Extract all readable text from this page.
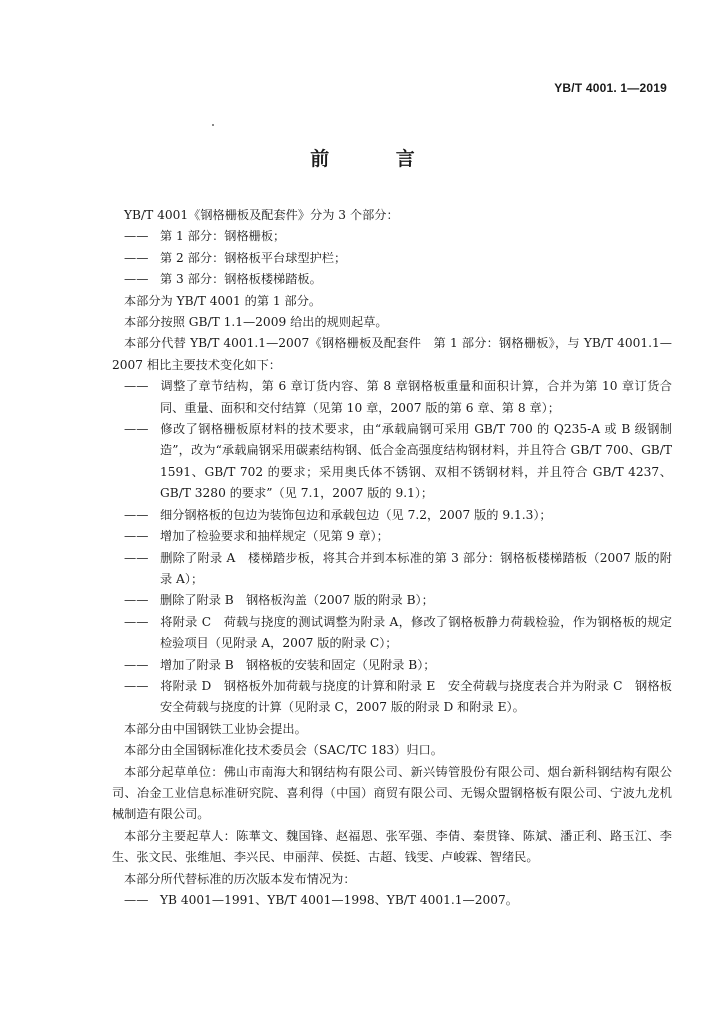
YB/T 4001. 1—2019
前 言

YB/T 4001《钢格栅板及配套件》分为 3 个部分：

—— 第 1 部分：钢格栅板；

—— 第 2 部分：钢格板平台球型护栏；

—— 第 3 部分：钢格板楼梯踏板。

本部分为 YB/T 4001 的第 1 部分。

本部分按照 GB/T 1.1—2009 给出的规则起草。

本部分代替 YB/T 4001.1—2007《钢格栅板及配套件　第 1 部分：钢格栅板》，与 YB/T 4001.1—2007 相比主要技术变化如下：

—— 调整了章节结构，第 6 章订货内容、第 8 章钢格板重量和面积计算，合并为第 10 章订货合同、重量、面积和交付结算（见第 10 章，2007 版的第 6 章、第 8 章）；

—— 修改了钢格栅板原材料的技术要求，由“承载扁钢可采用 GB/T 700 的 Q235-A 或 B 级钢制造”，改为“承载扁钢采用碳素结构钢、低合金高强度结构钢材料，并且符合 GB/T 700、GB/T 1591、GB/T 702 的要求；采用奥氏体不锈钢、双相不锈钢材料，并且符合 GB/T 4237、GB/T 3280 的要求”（见 7.1，2007 版的 9.1）；

—— 细分钢格板的包边为装饰包边和承载包边（见 7.2，2007 版的 9.1.3）；

—— 增加了检验要求和抽样规定（见第 9 章）；

—— 删除了附录 A　楼梯踏步板，将其合并到本标准的第 3 部分：钢格板楼梯踏板（2007 版的附录 A）；

—— 删除了附录 B　钢格板沟盖（2007 版的附录 B）；

—— 将附录 C　荷载与挠度的测试调整为附录 A，修改了钢格板静力荷载检验，作为钢格板的规定检验项目（见附录 A，2007 版的附录 C）；

—— 增加了附录 B　钢格板的安装和固定（见附录 B）；

—— 将附录 D　钢格板外加荷载与挠度的计算和附录 E　安全荷载与挠度表合并为附录 C　钢格板安全荷载与挠度的计算（见附录 C，2007 版的附录 D 和附录 E）。

本部分由中国钢铁工业协会提出。

本部分由全国钢标准化技术委员会（SAC/TC 183）归口。

本部分起草单位：佛山市南海大和钢结构有限公司、新兴铸管股份有限公司、烟台新科钢结构有限公司、冶金工业信息标准研究院、喜利得（中国）商贸有限公司、无锡众盟钢格板有限公司、宁波九龙机械制造有限公司。

本部分主要起草人：陈華文、魏国锋、赵福恩、张军强、李倩、秦贯锋、陈斌、潘正利、路玉江、李生、张文民、张维旭、李兴民、申丽萍、侯挺、古超、钱雯、卢峻霖、智绪民。

本部分所代替标准的历次版本发布情况为：

—— YB 4001—1991、YB/T 4001—1998、YB/T 4001.1—2007。
